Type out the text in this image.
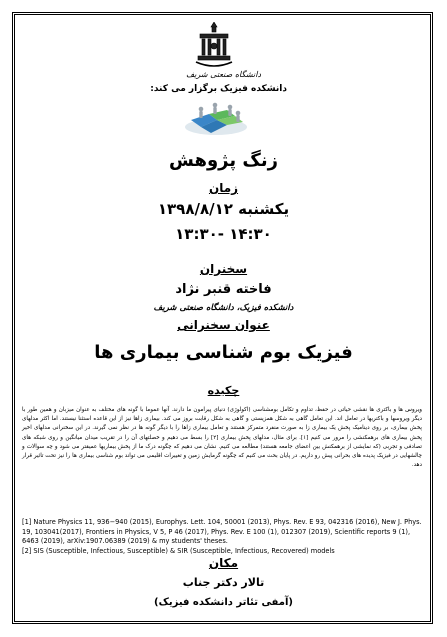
دانشگاه صنعتی شریف
دانشکده فیزیک برگزار می کند:
زنگ پژوهش
زمان
یکشنبه ۱۳۹۸/۸/۱۲
۱۴:۳۰ -۱۳:۳۰
سخنران
فاخته قنبر نژاد
دانشکده فیزیک، دانشگاه صنعتی شریف
عنوان سخنرانی
فیزیک بوم شناسی بیماری ها
چکیده
ویروس ها و باکتری ها نقشی حیاتی در حفظ، تداوم و تکامل بومشناسی (اکولوژی) دنیای پیرامون ما دارند. آنها عموما با گونه های مختلف به عنوان میزبان و همین طور با دیگر ویروسها و باکتریها در تعامل اند. این تعامل گاهی به شکل همزیستی و گاهی به شکل رقابت بروز می کند. بیماری زاها نیز از این قاعده استثنا نیستند. اما اکثر مدلهای پخش بیماری، بر روی دینامیک پخش یک بیماری زا به صورت منفرد متمرکز هستند و تعامل بیماری زاها را با دیگر گونه ها در نظر نمی گیرند. در این سخنرانی مدلهای اخیر پخش بیماری های برهمکنشی را مرور می کنیم [۱]. برای مثال، مدلهای پخش بیماری [۲] را بسط می دهیم و خصلتهای آن را در تقریب میدان میانگین و روی شبکه های تصادفی و تجربی (که نمایشی از برهمکنش بین اعضای جامعه هستند) مطالعه می کنیم. نشان می دهیم که چگونه درک ما از پخش بیماریها عمیقتر می شود و چه سوالات و چالشهایی در فیزیک پدیده های بحرانی پیش رو داریم. در پایان بحث می کنیم که چگونه گرمایش زمین و تغییرات اقلیمی می تواند بوم شناسی بیماری ها را نیز تحت تاثیر قرار دهد.
[1] Nature Physics 11, 936−940 (2015), Europhys. Lett. 104, 50001 (2013), Phys. Rev. E 93, 042316 (2016), New J. Phys. 19, 103041(2017), Frontiers in Physics, V 5, P 46 (2017), Phys. Rev. E 100 (1), 012307 (2019), Scientific reports 9 (1), 6463 (2019), arXiv:1907.06389 (2019) & my students' theses.
[2] SIS (Susceptible, Infectious, Susceptible) & SIR (Susceptible, Infectious, Recovered) models
مکان
تالار دکتر جناب
(آمفی تئاتر دانشکده فیزیک)
